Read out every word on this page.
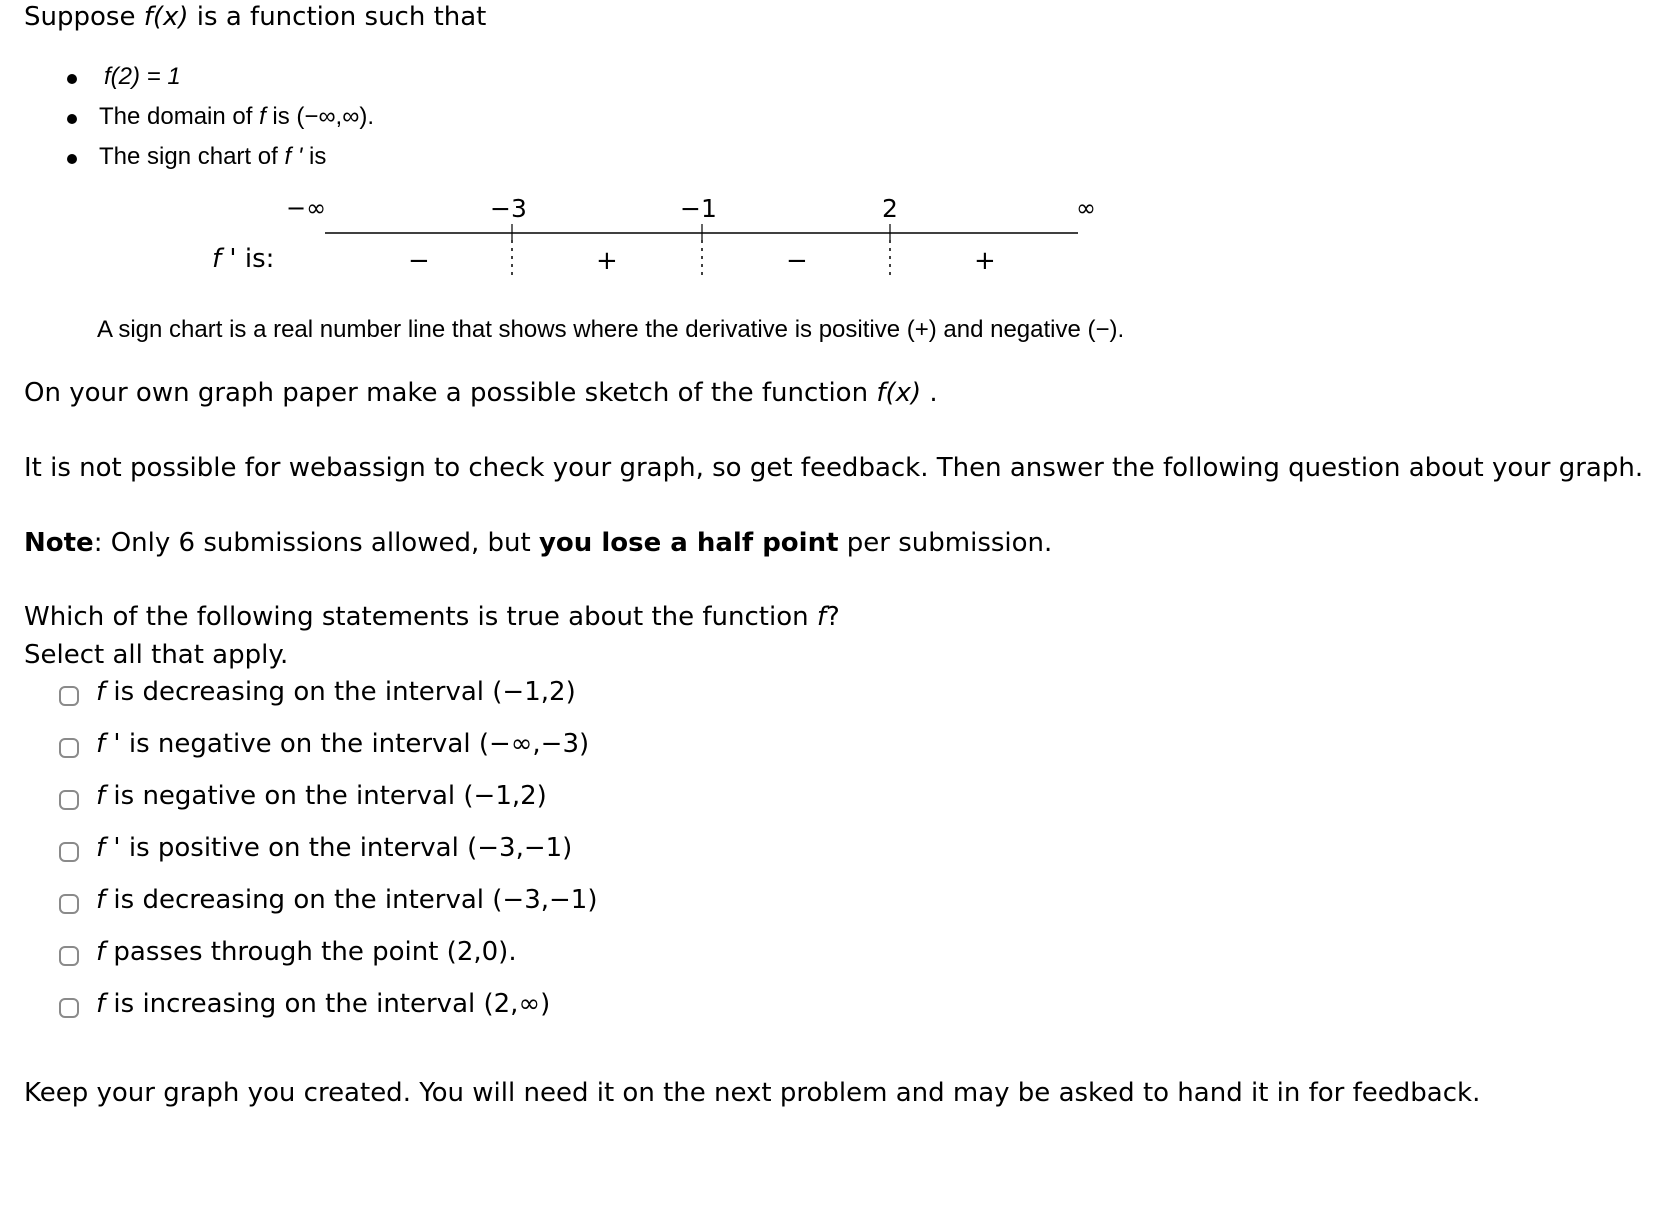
Suppose f(x) is a function such that
f(2) = 1
The domain of f is (−∞,∞).
The sign chart of f ' is
−∞	−3	−1	2	∞
f ' is:	−	+	−	+
A sign chart is a real number line that shows where the derivative is positive (+) and negative (−).
On your own graph paper make a possible sketch of the function f(x) .
It is not possible for webassign to check your graph, so get feedback. Then answer the following question about your graph.
Note: Only 6 submissions allowed, but you lose a half point per submission.
Which of the following statements is true about the function f?
Select all that apply.
f is decreasing on the interval (−1,2)
f ' is negative on the interval (−∞,−3)
f is negative on the interval (−1,2)
f ' is positive on the interval (−3,−1)
f is decreasing on the interval (−3,−1)
f passes through the point (2,0).
f is increasing on the interval (2,∞)
Keep your graph you created. You will need it on the next problem and may be asked to hand it in for feedback.
